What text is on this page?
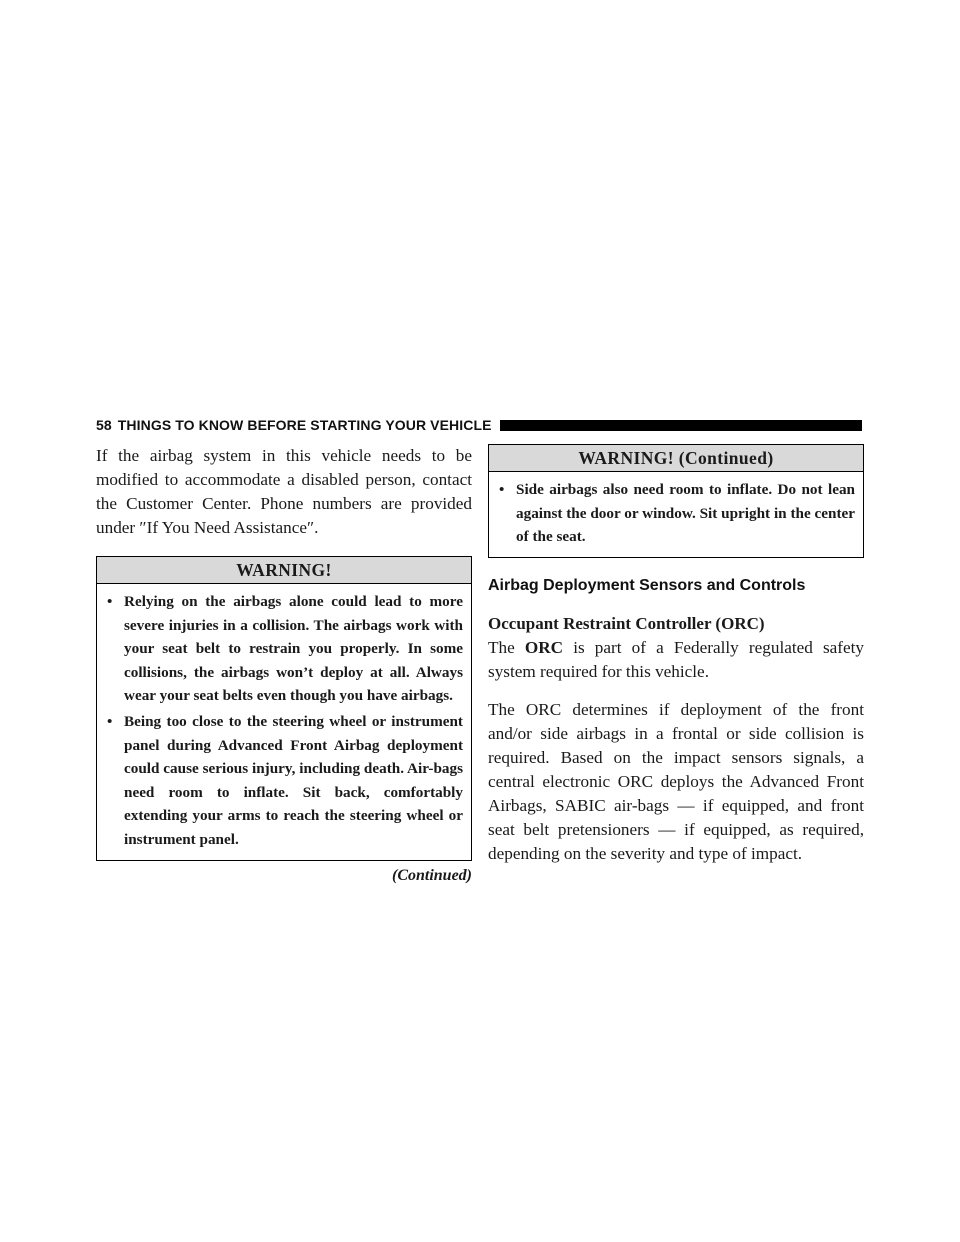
58 THINGS TO KNOW BEFORE STARTING YOUR VEHICLE

If the airbag system in this vehicle needs to be modified to accommodate a disabled person, contact the Customer Center. Phone numbers are provided under ″If You Need Assistance″.

WARNING!
• Relying on the airbags alone could lead to more severe injuries in a collision. The airbags work with your seat belt to restrain you properly. In some collisions, the airbags won’t deploy at all. Always wear your seat belts even though you have airbags.
• Being too close to the steering wheel or instrument panel during Advanced Front Airbag deployment could cause serious injury, including death. Air-bags need room to inflate. Sit back, comfortably extending your arms to reach the steering wheel or instrument panel.
(Continued)
WARNING! (Continued)
• Side airbags also need room to inflate. Do not lean against the door or window. Sit upright in the center of the seat.
Airbag Deployment Sensors and Controls
Occupant Restraint Controller (ORC)

The ORC is part of a Federally regulated safety system required for this vehicle.

The ORC determines if deployment of the front and/or side airbags in a frontal or side collision is required. Based on the impact sensors signals, a central electronic ORC deploys the Advanced Front Airbags, SABIC air-bags — if equipped, and front seat belt pretensioners — if equipped, as required, depending on the severity and type of impact.
